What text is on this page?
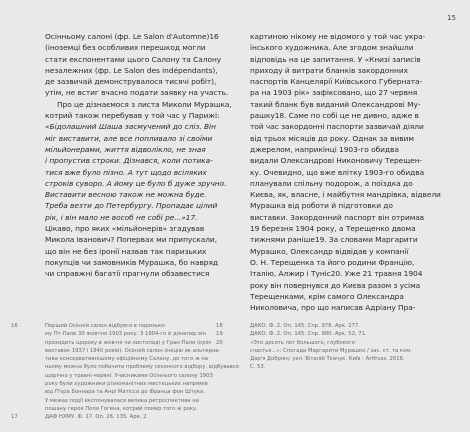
15
Осінньому салоні (фр. Le Salon d'Automne)16
(іноземці без особливих перешкод могли
стати експонентами цього Салону та Салону
незалежних (фр. Le Salon des indépendants),
де зазвичай демонструвалося тисячі робіт),
утім, не встиг вчасно подати заявку на участь.
Про це дізнаємося з листа Миколи Мурашка,
котрий також перебував у той час у Парижі:
«Бідолашний Шаша засмучений до сліз. Він
міг виставити, але все попливало зі своїми
мільйонерами, життя відволікло, не зная
і пропустив строки. Дізнався, коли потика-
тися вже було пізно. А тут щодо всіляких
строків суворо. А йому це було б дуже зручно.
Виставити весною також не можна буде.
Треба везти до Петербургу. Пропадає цілий
рік, і він мало не вособ не собі ре...»17.
Цікаво, про яких «мільйонерів» згадував
Микола Іванович? Поперваx ми припускали,
що він не без іронії назвав так паризьких
покупців чи замовників Мурашка, бо навряд
чи справжні багатії прагнули обзавестися
картиною нікому не відомого у той час укра-
їнського художника. Але згодом знайшли
відповідь на це запитання. У «Книзі записів
приходу й витрати бланків закордонних
паспортів Канцелярії Київського Губерната-
ра на 1903 рік» зафіксовано, що 27 червня
такий бланк був виданий Олександрові Му-
рашку18. Саме по собі це не дивно, адже в
той час закордонні паспорти зазвичай діяли
від трьох місяців до року. Однак за вивим
джерелом, наприкінці 1903-го обидва
видали Олександрові Никоновичу Терещен-
ку. Очевидно, що вже влітку 1903-го обидва
планували спільну подорож, а поїздка до
Києва, як, власне, і майбутня мандрівка, відвели
Мурашка від роботи й підготовки до
виставки. Закордонний паспорт він отримав
19 березня 1904 року, а Терещенко двома
тижнями раніше19. За словами Маргарити
Мурашко, Олександр відвідав у компанії
О. Н. Терещенка та його родини Францію,
Італію, Алжир і Туніс20. Уже 21 травня 1904
року він повернувся до Києва разом з усіма
Терещенками, крім самого Олександра
Николовича, про що написав Адріану Пра-
16	Перший Осінній салон відбувся в паризько-
му Пт-Пале 30 жовтня 1903 року. З 1904-го й донепер він
проходить щороку в жовтні чи листопаді у Гран-Пале (крім
виставок 1937 і 1940 років). Осінній салон зініцію як альтерна-
тива консервативнішому офіційному Салону, до того ж на
ньому можна було побачити проблему сезонного відбору, відбувався
щорічно у травні-червні. Учасниками Осіннього салону 1903
року були художники різноманітних мистецьких напрямів
від П'єра Боннара та Анрі Матісса до Франца фон Штука.
У межах події експонувалася велика ретроспектива на
пошану героя Поля Гогена, котрий помер того ж року.
17	ДАФ НХМУ. Ф. 17. Оп. 26. 135. Арк. 2.
18	ДАКО. Ф. 2. Оп. 145. Спр. 978. Арк. 277.
19	ДАКО. Ф. 2. Оп. 145. Спр. 980. Арк. 52, 71.
20	«Это десять лет большого, глубокого
счастья...»: Спогади Маргарити Мурашко / зас. ст. та ком.
Дар'я Добріян; укл. Віталій Ткачук. Київ : Artfruss, 2016.
С. 53.
